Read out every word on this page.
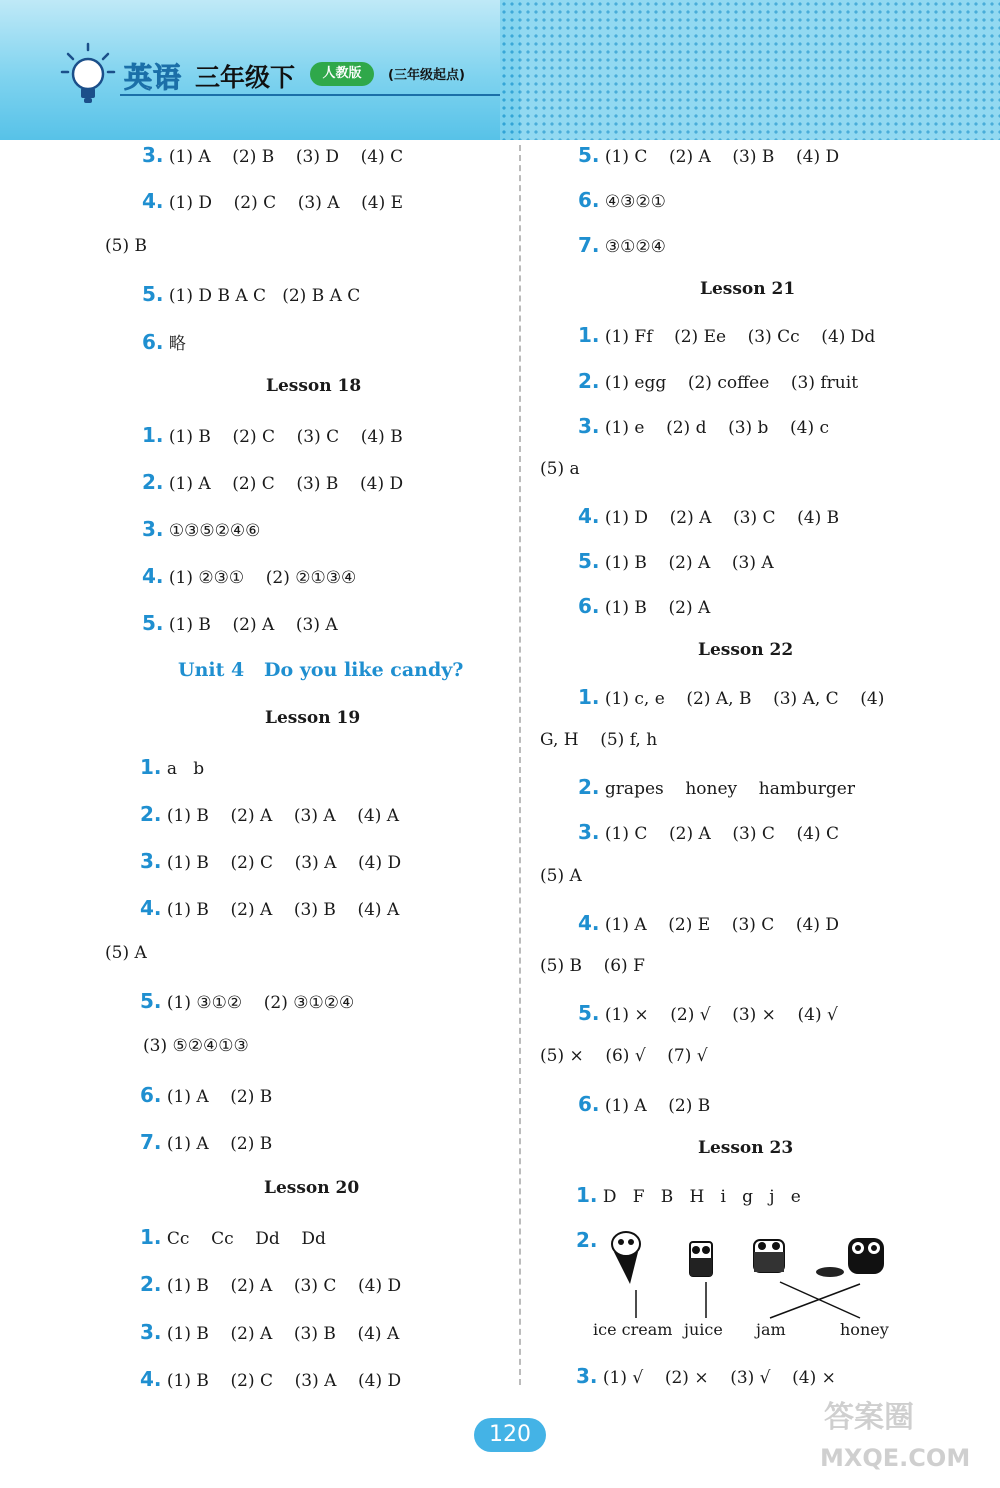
英语 三年级下	人教版	(三年级起点)
3. (1) A    (2) B    (3) D    (4) C
4. (1) D    (2) C    (3) A    (4) E
(5) B
5. (1) D B A C   (2) B A C
6. 略
Lesson 18
1. (1) B    (2) C    (3) C    (4) B
2. (1) A    (2) C    (3) B    (4) D
3. ①③⑤②④⑥
4. (1) ②③①    (2) ②①③④
5. (1) B    (2) A    (3) A
Unit 4   Do you like candy?
Lesson 19
1. a   b
2. (1) B    (2) A    (3) A    (4) A
3. (1) B    (2) C    (3) A    (4) D
4. (1) B    (2) A    (3) B    (4) A
(5) A
5. (1) ③①②    (2) ③①②④
(3) ⑤②④①③
6. (1) A    (2) B
7. (1) A    (2) B
Lesson 20
1. Cc    Cc    Dd    Dd
2. (1) B    (2) A    (3) C    (4) D
3. (1) B    (2) A    (3) B    (4) A
4. (1) B    (2) C    (3) A    (4) D
5. (1) C    (2) A    (3) B    (4) D
6. ④③②①
7. ③①②④
Lesson 21
1. (1) Ff    (2) Ee    (3) Cc    (4) Dd
2. (1) egg    (2) coffee    (3) fruit
3. (1) e    (2) d    (3) b    (4) c
(5) a
4. (1) D    (2) A    (3) C    (4) B
5. (1) B    (2) A    (3) A
6. (1) B    (2) A
Lesson 22
1. (1) c, e    (2) A, B    (3) A, C    (4)
G, H    (5) f, h
2. grapes    honey    hamburger
3. (1) C    (2) A    (3) C    (4) C
(5) A
4. (1) A    (2) E    (3) C    (4) D
(5) B    (6) F
5. (1) ×    (2) √    (3) ×    (4) √
(5) ×    (6) √    (7) √
6. (1) A    (2) B
Lesson 23
1. D   F   B   H   i   g   j   e
2.
ice cream juice jam	honey
3. (1) √    (2) ×    (3) √    (4) ×
120	答案圈
MXQE.COM
